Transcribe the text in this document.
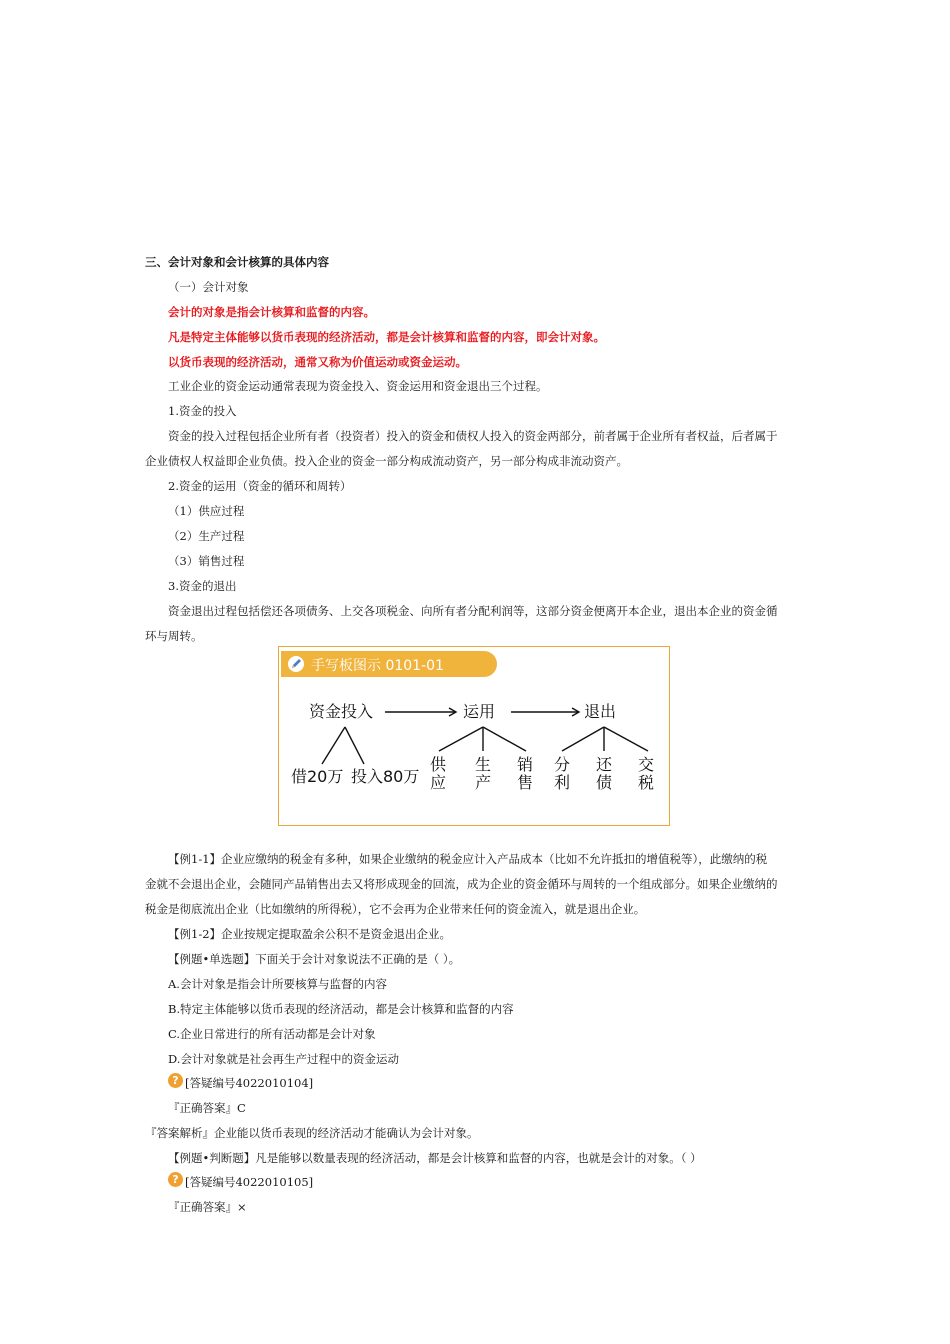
三、会计对象和会计核算的具体内容
（一）会计对象
会计的对象是指会计核算和监督的内容。
凡是特定主体能够以货币表现的经济活动，都是会计核算和监督的内容，即会计对象。
以货币表现的经济活动，通常又称为价值运动或资金运动。
工业企业的资金运动通常表现为资金投入、资金运用和资金退出三个过程。
1.资金的投入
资金的投入过程包括企业所有者（投资者）投入的资金和债权人投入的资金两部分，前者属于企业所有者权益，后者属于
企业债权人权益即企业负债。投入企业的资金一部分构成流动资产，另一部分构成非流动资产。
2.资金的运用（资金的循环和周转）
（1）供应过程
（2）生产过程
（3）销售过程
3.资金的退出
资金退出过程包括偿还各项债务、上交各项税金、向所有者分配利润等，这部分资金便离开本企业，退出本企业的资金循
环与周转。
手写板图示 0101-01
资金投入	运用	退出
借20万 投入80万
供
应
生
产
销
售
分
利
还
债
交
税
【例1-1】企业应缴纳的税金有多种，如果企业缴纳的税金应计入产品成本（比如不允许抵扣的增值税等），此缴纳的税
金就不会退出企业，会随同产品销售出去又将形成现金的回流，成为企业的资金循环与周转的一个组成部分。如果企业缴纳的
税金是彻底流出企业（比如缴纳的所得税），它不会再为企业带来任何的资金流入，就是退出企业。
【例1-2】企业按规定提取盈余公积不是资金退出企业。
【例题•单选题】下面关于会计对象说法不正确的是（ ）。
A.会计对象是指会计所要核算与监督的内容
B.特定主体能够以货币表现的经济活动，都是会计核算和监督的内容
C.企业日常进行的所有活动都是会计对象
D.会计对象就是社会再生产过程中的资金运动
? [答疑编号4022010104]
『正确答案』C
『答案解析』企业能以货币表现的经济活动才能确认为会计对象。
【例题•判断题】凡是能够以数量表现的经济活动，都是会计核算和监督的内容，也就是会计的对象。（ ）
? [答疑编号4022010105]
『正确答案』×
